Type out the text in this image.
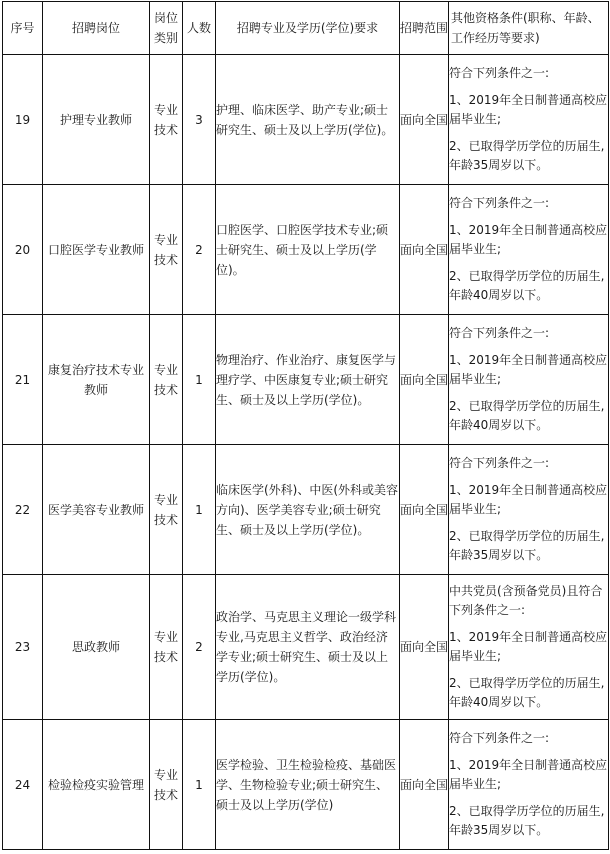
序号	招聘岗位	岗位类别	人数	招聘专业及学历(学位)要求	招聘范围	其他资格条件(职称、年龄、工作经历等要求)
19	护理专业教师	专业技术	3	护理、临床医学、助产专业;硕士研究生、硕士及以上学历(学位)。	面向全国	符合下列条件之一:

1、2019年全日制普通高校应届毕业生;

2、已取得学历学位的历届生,年龄35周岁以下。

20	口腔医学专业教师	专业技术	2	口腔医学、口腔医学技术专业;硕士研究生、硕士及以上学历(学位)。	面向全国	符合下列条件之一:

1、2019年全日制普通高校应届毕业生;

2、已取得学历学位的历届生,年龄40周岁以下。

21	康复治疗技术专业教师	专业技术	1	物理治疗、作业治疗、康复医学与理疗学、中医康复专业;硕士研究生、硕士及以上学历(学位)。	面向全国	符合下列条件之一:

1、2019年全日制普通高校应届毕业生;

2、已取得学历学位的历届生,年龄40周岁以下。

22	医学美容专业教师	专业技术	1	临床医学(外科)、中医(外科或美容方向)、医学美容专业;硕士研究生、硕士及以上学历(学位)。	面向全国	符合下列条件之一:

1、2019年全日制普通高校应届毕业生;

2、已取得学历学位的历届生,年龄35周岁以下。

23	思政教师	专业技术	2	政治学、马克思主义理论一级学科专业,马克思主义哲学、政治经济学专业;硕士研究生、硕士及以上学历(学位)。	面向全国	中共党员(含预备党员)且符合下列条件之一:

1、2019年全日制普通高校应届毕业生;

2、已取得学历学位的历届生,年龄40周岁以下。

24	检验检疫实验管理	专业技术	1	医学检验、卫生检验检疫、基础医学、生物检验专业;硕士研究生、硕士及以上学历(学位)	面向全国	符合下列条件之一:

1、2019年全日制普通高校应届毕业生;

2、已取得学历学位的历届生,年龄35周岁以下。
